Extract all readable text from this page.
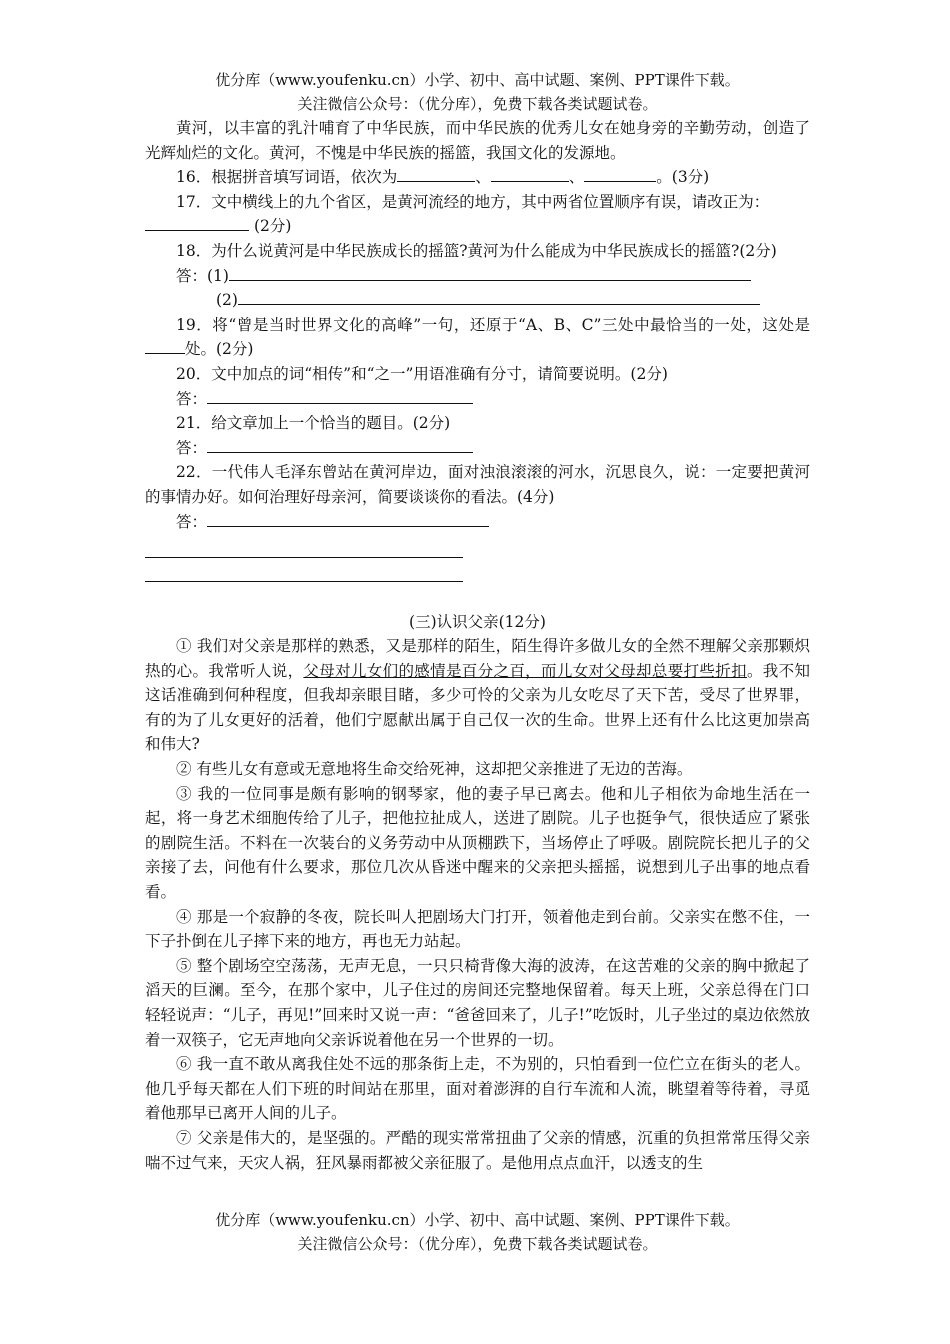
优分库（www.youfenku.cn）小学、初中、高中试题、案例、PPT课件下载。
关注微信公众号：（优分库），免费下载各类试题试卷。

黄河，以丰富的乳汁哺育了中华民族，而中华民族的优秀儿女在她身旁的辛勤劳动，创造了光辉灿烂的文化。黄河，不愧是中华民族的摇篮，我国文化的发源地。

16．根据拼音填写词语，依次为	、	、	。(3分)

17．文中横线上的九个省区，是黄河流经的地方，其中两省位置顺序有误，请改正为：

(2分)

18．为什么说黄河是中华民族成长的摇篮?黄河为什么能成为中华民族成长的摇篮?(2分)

答：(1)
(2)

19．将“曾是当时世界文化的高峰”一句，还原于“A、B、C”三处中最恰当的一处，这处是处。(2分)

20．文中加点的词“相传”和“之一”用语准确有分寸，请简要说明。(2分)

答：

21．给文章加上一个恰当的题目。(2分)

答：

22．一代伟人毛泽东曾站在黄河岸边，面对浊浪滚滚的河水，沉思良久，说：一定要把黄河的事情办好。如何治理好母亲河，简要谈谈你的看法。(4分)

答：
(三)认识父亲(12分)

① 我们对父亲是那样的熟悉，又是那样的陌生，陌生得许多做儿女的全然不理解父亲那颗炽热的心。我常听人说，父母对儿女们的感情是百分之百，而儿女对父母却总要打些折扣。我不知这话准确到何种程度，但我却亲眼目睹，多少可怜的父亲为儿女吃尽了天下苦，受尽了世界罪，有的为了儿女更好的活着，他们宁愿献出属于自己仅一次的生命。世界上还有什么比这更加崇高和伟大?

② 有些儿女有意或无意地将生命交给死神，这却把父亲推进了无边的苦海。

③ 我的一位同事是颇有影响的钢琴家，他的妻子早已离去。他和儿子相依为命地生活在一起，将一身艺术细胞传给了儿子，把他拉扯成人，送进了剧院。儿子也挺争气，很快适应了紧张的剧院生活。不料在一次装台的义务劳动中从顶棚跌下，当场停止了呼吸。剧院院长把儿子的父亲接了去，问他有什么要求，那位几次从昏迷中醒来的父亲把头摇摇，说想到儿子出事的地点看看。

④ 那是一个寂静的冬夜，院长叫人把剧场大门打开，领着他走到台前。父亲实在憋不住，一下子扑倒在儿子摔下来的地方，再也无力站起。

⑤ 整个剧场空空荡荡，无声无息，一只只椅背像大海的波涛，在这苦难的父亲的胸中掀起了滔天的巨澜。至今，在那个家中，儿子住过的房间还完整地保留着。每天上班，父亲总得在门口轻轻说声：“儿子，再见!”回来时又说一声：“爸爸回来了，儿子!”吃饭时，儿子坐过的桌边依然放着一双筷子，它无声地向父亲诉说着他在另一个世界的一切。

⑥ 我一直不敢从离我住处不远的那条街上走，不为别的，只怕看到一位伫立在街头的老人。他几乎每天都在人们下班的时间站在那里，面对着澎湃的自行车流和人流，眺望着等待着，寻觅着他那早已离开人间的儿子。

⑦ 父亲是伟大的，是坚强的。严酷的现实常常扭曲了父亲的情感，沉重的负担常常压得父亲喘不过气来，天灾人祸，狂风暴雨都被父亲征服了。是他用点点血汗，以透支的生

优分库（www.youfenku.cn）小学、初中、高中试题、案例、PPT课件下载。
关注微信公众号：（优分库），免费下载各类试题试卷。
